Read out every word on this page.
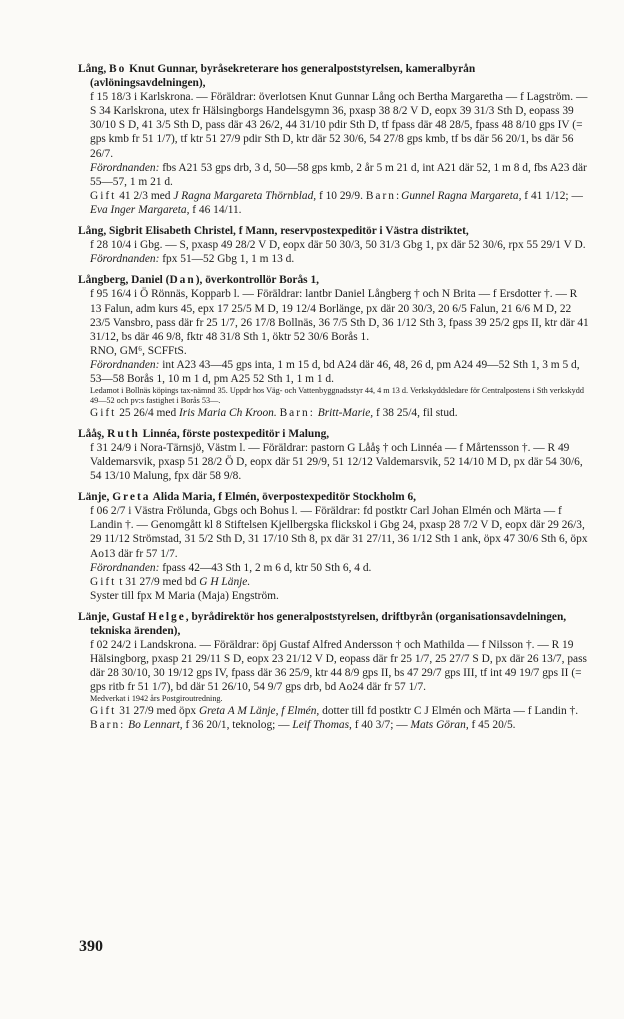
Lång, Bo Knut Gunnar, byråsekreterare hos generalpoststyrelsen, kameralbyrån (avlöningsavdelningen),
f 15 18/3 i Karlskrona. — Föräldrar: överlotsen Knut Gunnar Lång och Bertha Margaretha — f Lagström. — S 34 Karlskrona, utex fr Hälsingborgs Handelsgymn 36, pxasp 38 8/2 V D, eopx 39 31/3 Sth D, eopass 39 30/10 S D, 41 3/5 Sth D, pass där 43 26/2, 44 31/10 pdir Sth D, tf fpass där 48 28/5, fpass 48 8/10 gps IV (= gps kmb fr 51 1/7), tf ktr 51 27/9 pdir Sth D, ktr där 52 30/6, 54 27/8 gps kmb, tf bs där 56 20/1, bs där 56 26/7.
Förordnanden: fbs A21 53 gps drb, 3 d, 50—58 gps kmb, 2 år 5 m 21 d, int A21 där 52, 1 m 8 d, fbs A23 där 55—57, 1 m 21 d.
Gift 41 2/3 med J Ragna Margareta Thörnblad, f 10 29/9. Barn:Gunnel Ragna Margareta, f 41 1/12; — Eva Inger Margareta, f 46 14/11.
Lång, Sigbrit Elisabeth Christel, f Mann, reservpostexpeditör i Västra distriktet,
f 28 10/4 i Gbg. — S, pxasp 49 28/2 V D, eopx där 50 30/3, 50 31/3 Gbg 1, px där 52 30/6, rpx 55 29/1 V D.
Förordnanden: fpx 51—52 Gbg 1, 1 m 13 d.
Långberg, Daniel (Dan), överkontrollör Borås 1,
f 95 16/4 i Ö Rönnäs, Kopparb l. — Föräldrar: lantbr Daniel Långberg † och N Brita — f Ersdotter †. — R 13 Falun, adm kurs 45, epx 17 25/5 M D, 19 12/4 Borlänge, px där 20 30/3, 20 6/5 Falun, 21 6/6 M D, 22 23/5 Vansbro, pass där fr 25 1/7, 26 17/8 Bollnäs, 36 7/5 Sth D, 36 1/12 Sth 3, fpass 39 25/2 gps II, ktr där 41 31/12, bs där 46 9/8, fktr 48 31/8 Sth 1, öktr 52 30/6 Borås 1.
RNO, GM⁶, SCFFtS.
Förordnanden: int A23 43—45 gps inta, 1 m 15 d, bd A24 där 46, 48, 26 d, pm A24 49—52 Sth 1, 3 m 5 d, 53—58 Borås 1, 10 m 1 d, pm A25 52 Sth 1, 1 m 1 d.
Ledamot i Bollnäs köpings tax-nämnd 35. Uppdr hos Väg- och Vattenbyggnadsstyr 44, 4 m 13 d. Verkskyddsledare för Centralpostens i Sth verkskydd 49—52 och pv:s fastighet i Borås 53—.
Gift 25 26/4 med Iris Maria Ch Kroon. Barn: Britt-Marie, f 38 25/4, fil stud.
Lååş, Ruth Linnéa, förste postexpeditör i Malung,
f 31 24/9 i Nora-Tärnsjö, Västm l. — Föräldrar: pastorn G Lååş † och Linnéa — f Mårtensson †. — R 49 Valdemarsvik, pxasp 51 28/2 Ö D, eopx där 51 29/9, 51 12/12 Valdemarsvik, 52 14/10 M D, px där 54 30/6, 54 13/10 Malung, fpx där 58 9/8.
Länje, Greta Alida Maria, f Elmén, överpostexpeditör Stockholm 6,
f 06 2/7 i Västra Frölunda, Gbgs och Bohus l. — Föräldrar: fd postktr Carl Johan Elmén och Märta — f Landin †. — Genomgått kl 8 Stiftelsen Kjellbergska flickskol i Gbg 24, pxasp 28 7/2 V D, eopx där 29 26/3, 29 11/12 Strömstad, 31 5/2 Sth D, 31 17/10 Sth 8, px där 31 27/11, 36 1/12 Sth 1 ank, öpx 47 30/6 Sth 6, öpx Ao13 där fr 57 1/7.
Förordnanden: fpass 42—43 Sth 1, 2 m 6 d, ktr 50 Sth 6, 4 d.
Gift t 31 27/9 med bd G H Länje.
Syster till fpx M Maria (Maja) Engström.
Länje, Gustaf Helge, byrådirektör hos generalpoststyrelsen, driftbyrån (organisationsavdelningen, tekniska ärenden),
f 02 24/2 i Landskrona. — Föräldrar: öpj Gustaf Alfred Andersson † och Mathilda — f Nilsson †. — R 19 Hälsingborg, pxasp 21 29/11 S D, eopx 23 21/12 V D, eopass där fr 25 1/7, 25 27/7 S D, px där 26 13/7, pass där 28 30/10, 30 19/12 gps IV, fpass där 36 25/9, ktr 44 8/9 gps II, bs 47 29/7 gps III, tf int 49 19/7 gps II (= gps ritb fr 51 1/7), bd där 51 26/10, 54 9/7 gps drb, bd Ao24 där fr 57 1/7.
Medverkat i 1942 års Postgiroutredning.
Gift 31 27/9 med öpx Greta A M Länje, f Elmén, dotter till fd postktr C J Elmén och Märta — f Landin †. Barn: Bo Lennart, f 36 20/1, teknolog; — Leif Thomas, f 40 3/7; — Mats Göran, f 45 20/5.
390
